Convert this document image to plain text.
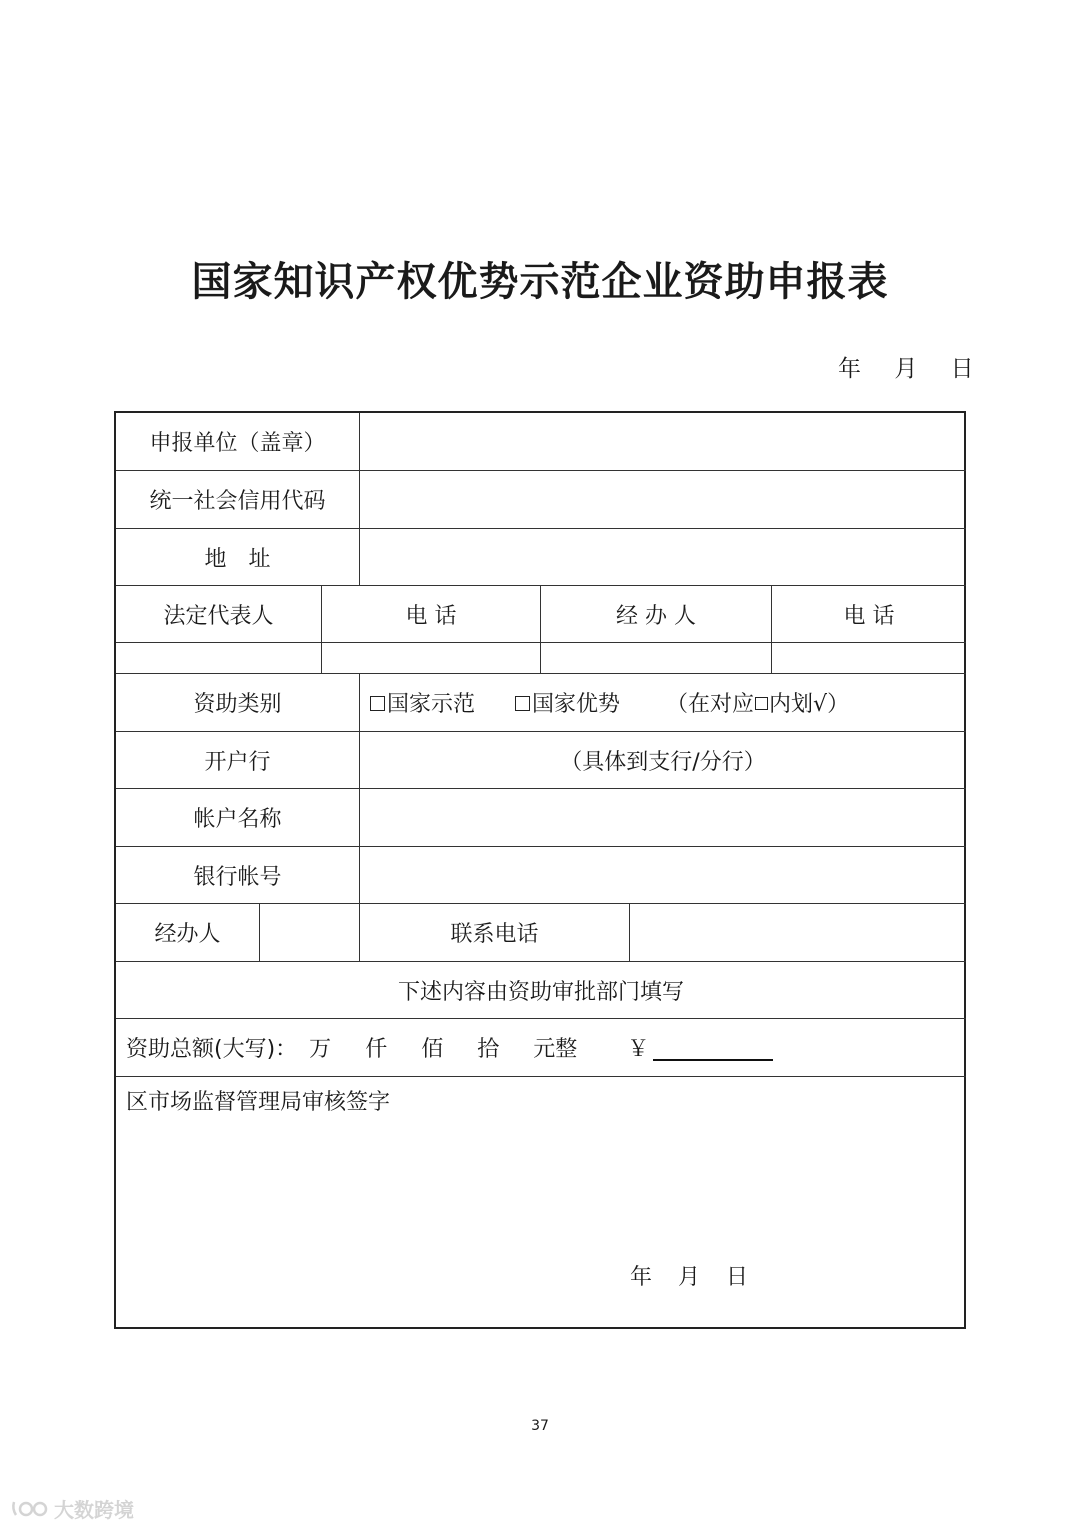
国家知识产权优势示范企业资助申报表
年 月 日
申报单位（盖章）
统一社会信用代码
地　址
法定代表人	电 话	经 办 人	电 话
资助类别	国家示范	国家优势 （在对应 内划√）
开户行	（具体到支行/分行）
帐户名称
银行帐号
经办人	联系电话
下述内容由资助审批部门填写
资助总额(大写)： 万 仟 佰 拾 元整 ￥
区市场监督管理局审核签字
年 月 日
37
大数跨境
